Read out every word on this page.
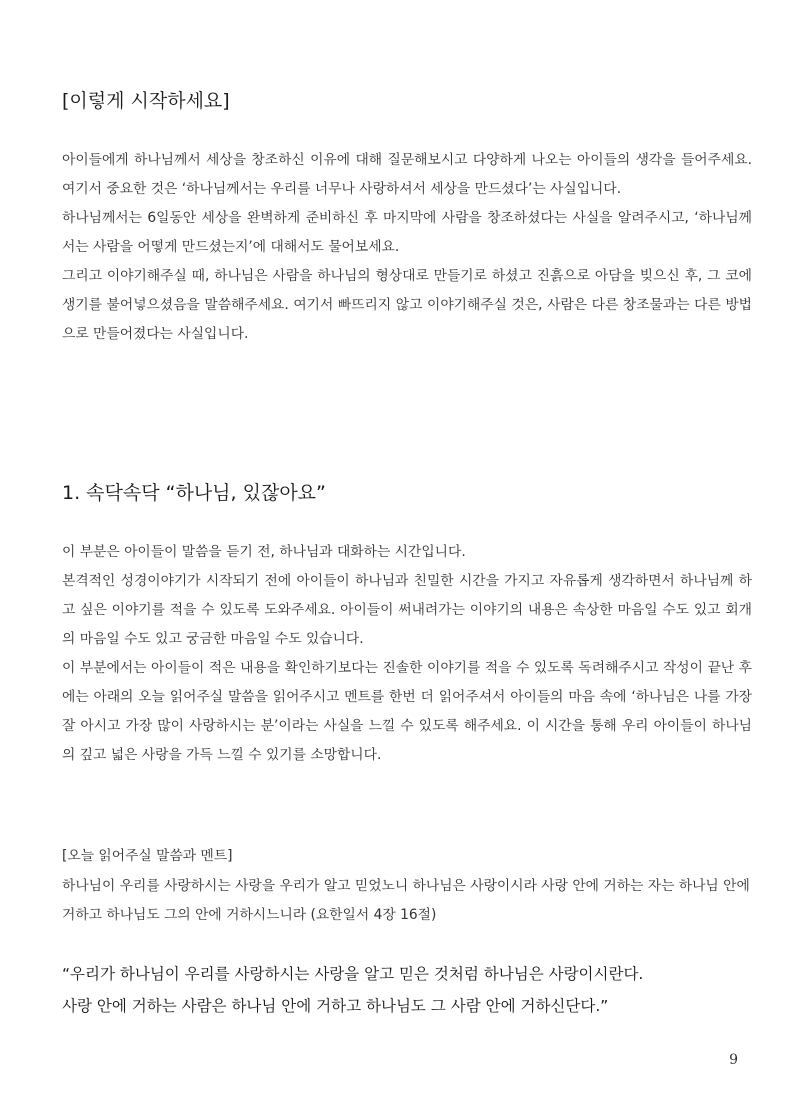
[이렇게 시작하세요]

아이들에게 하나님께서 세상을 창조하신 이유에 대해 질문해보시고 다양하게 나오는 아이들의 생각을 들어주세요. 여기서 중요한 것은 ‘하나님께서는 우리를 너무나 사랑하셔서 세상을 만드셨다’는 사실입니다.

하나님께서는 6일동안 세상을 완벽하게 준비하신 후 마지막에 사람을 창조하셨다는 사실을 알려주시고, ‘하나님께서는 사람을 어떻게 만드셨는지’에 대해서도 물어보세요.

그리고 이야기해주실 때, 하나님은 사람을 하나님의 형상대로 만들기로 하셨고 진흙으로 아담을 빚으신 후, 그 코에 생기를 불어넣으셨음을 말씀해주세요. 여기서 빠뜨리지 않고 이야기해주실 것은, 사람은 다른 창조물과는 다른 방법으로 만들어졌다는 사실입니다.

1. 속닥속닥 “하나님, 있잖아요”

이 부분은 아이들이 말씀을 듣기 전, 하나님과 대화하는 시간입니다.

본격적인 성경이야기가 시작되기 전에 아이들이 하나님과 친밀한 시간을 가지고 자유롭게 생각하면서 하나님께 하고 싶은 이야기를 적을 수 있도록 도와주세요. 아이들이 써내려가는 이야기의 내용은 속상한 마음일 수도 있고 회개의 마음일 수도 있고 궁금한 마음일 수도 있습니다.

이 부분에서는 아이들이 적은 내용을 확인하기보다는 진솔한 이야기를 적을 수 있도록 독려해주시고 작성이 끝난 후에는 아래의 오늘 읽어주실 말씀을 읽어주시고 멘트를 한번 더 읽어주셔서 아이들의 마음 속에 ‘하나님은 나를 가장 잘 아시고 가장 많이 사랑하시는 분’이라는 사실을 느낄 수 있도록 해주세요. 이 시간을 통해 우리 아이들이 하나님의 깊고 넓은 사랑을 가득 느낄 수 있기를 소망합니다.

[오늘 읽어주실 말씀과 멘트]

하나님이 우리를 사랑하시는 사랑을 우리가 알고 믿었노니 하나님은 사랑이시라 사랑 안에 거하는 자는 하나님 안에 거하고 하나님도 그의 안에 거하시느니라 (요한일서 4장 16절)

“우리가 하나님이 우리를 사랑하시는 사랑을 알고 믿은 것처럼 하나님은 사랑이시란다.

사랑 안에 거하는 사람은 하나님 안에 거하고 하나님도 그 사람 안에 거하신단다.”

9
